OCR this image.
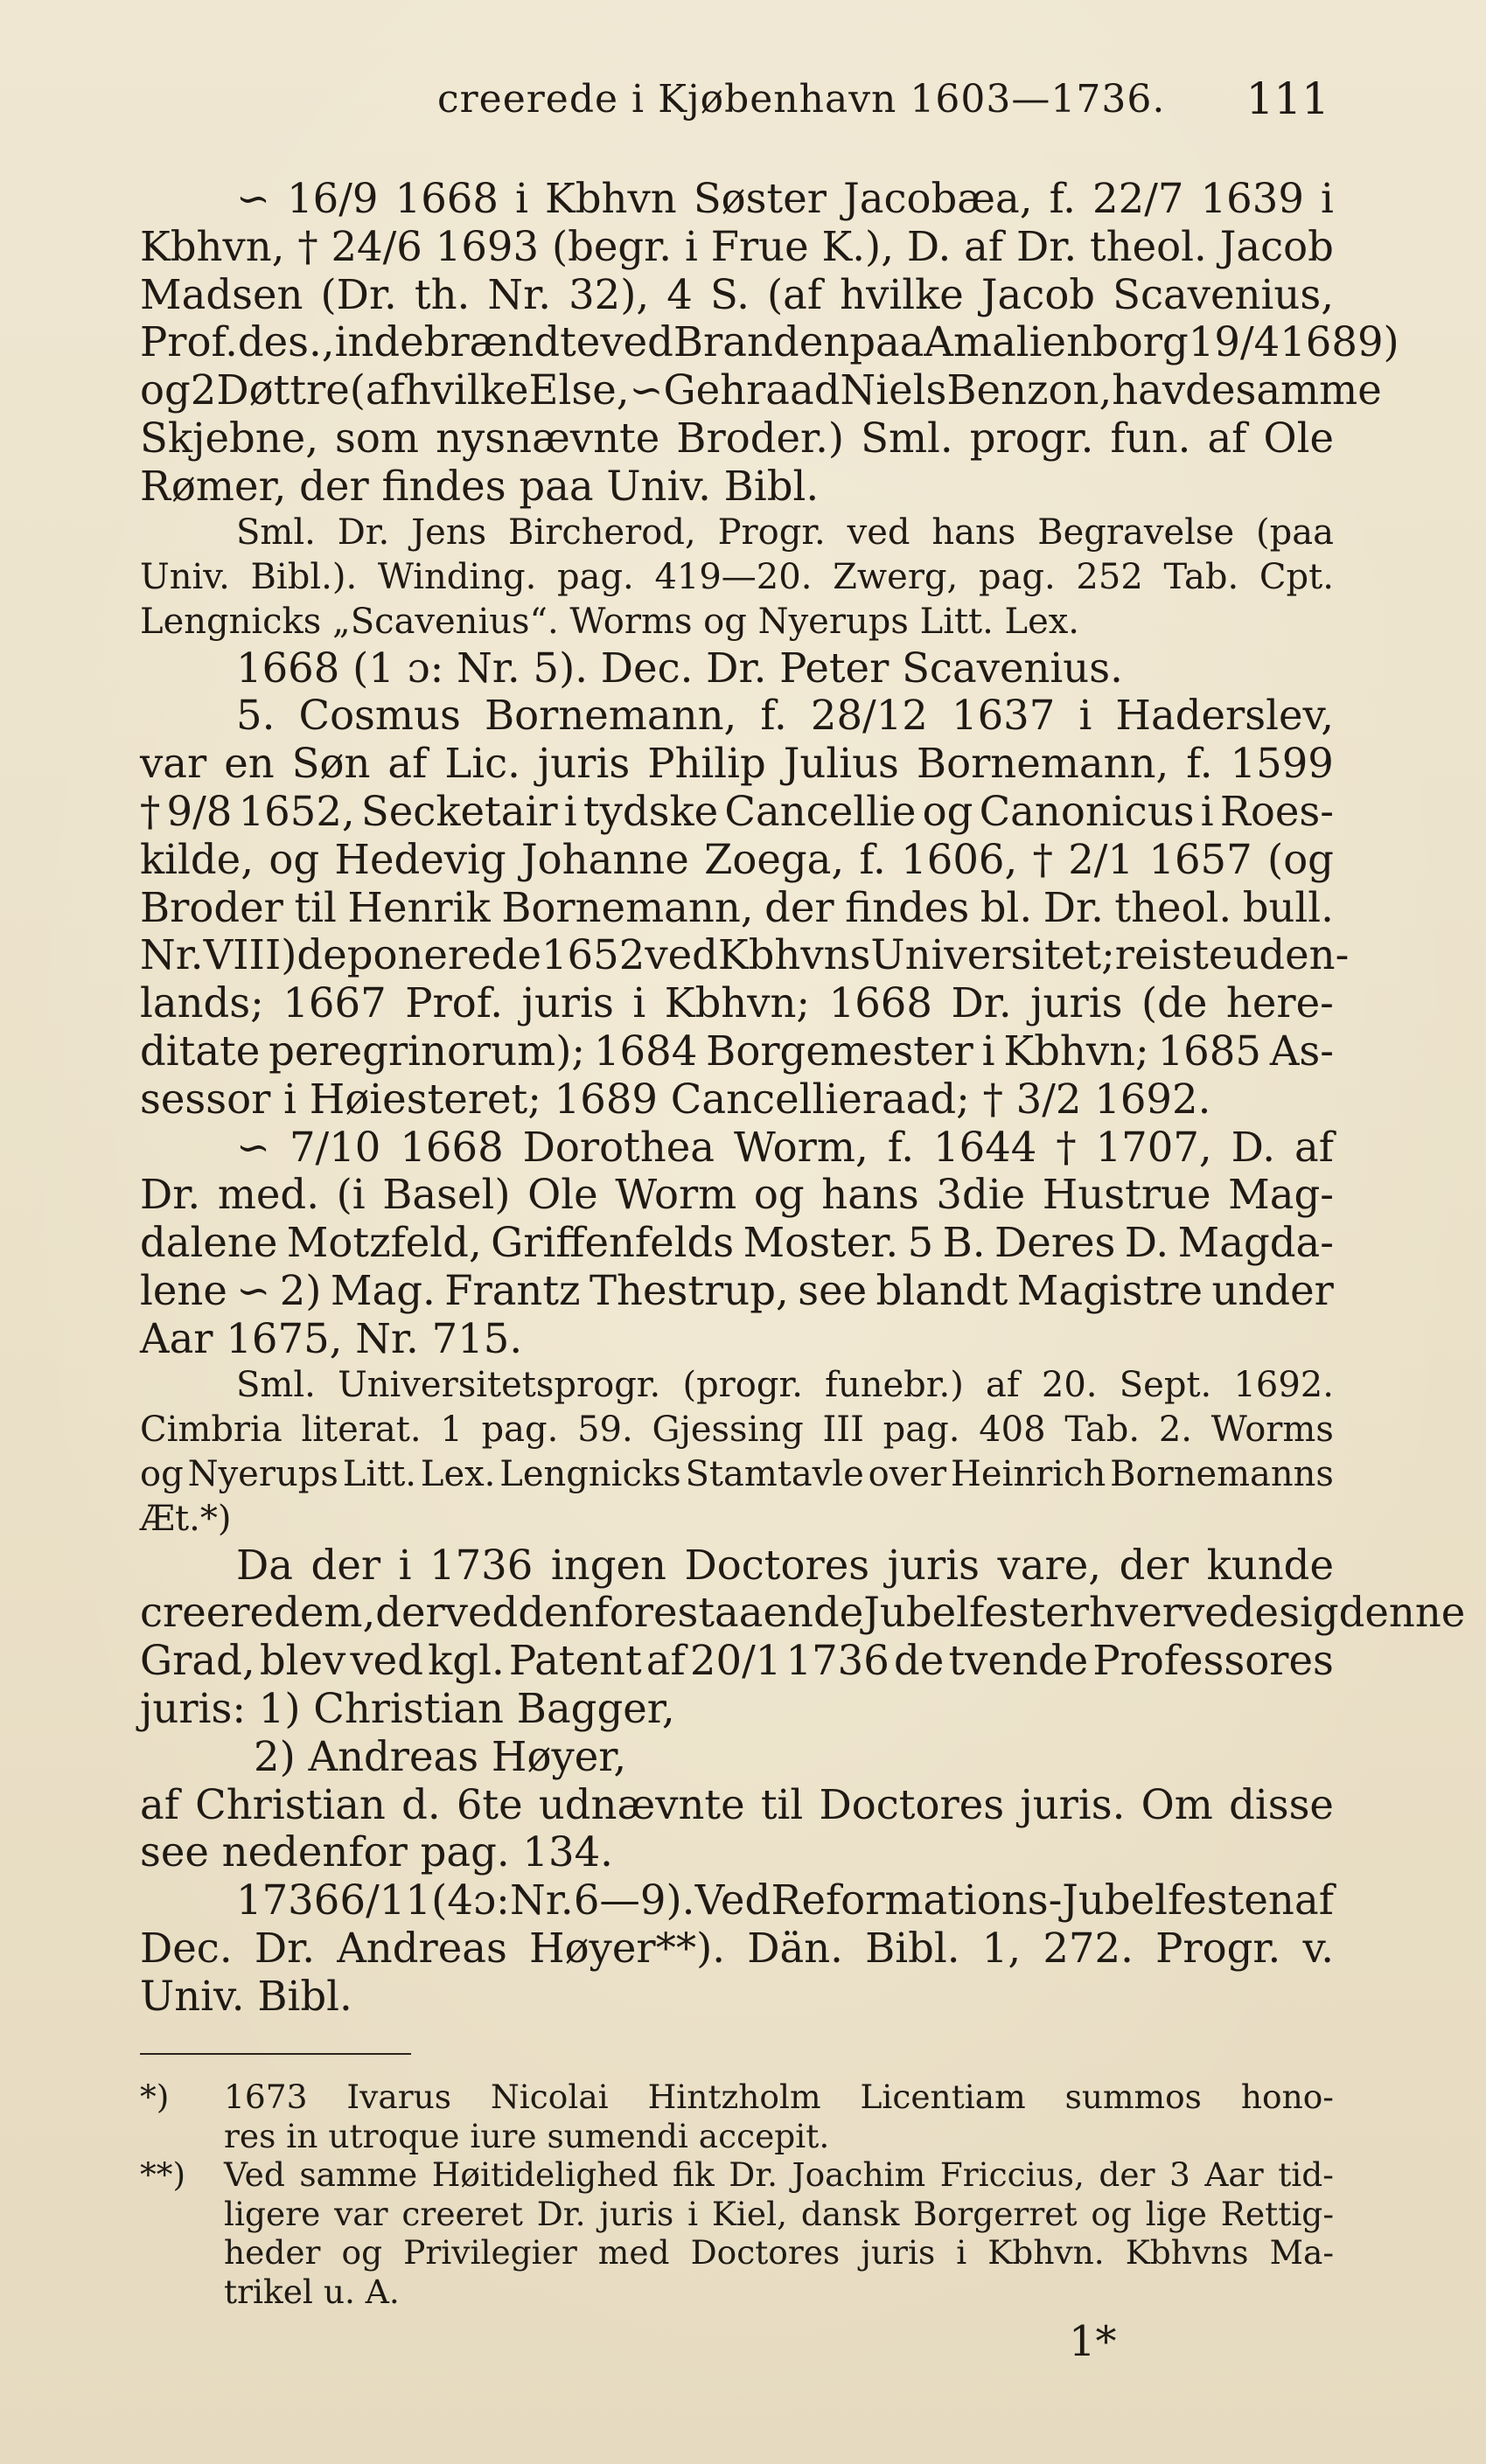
creerede i Kjøbenhavn 1603—1736. 111
∽ 16/9 1668 i Kbhvn Søster Jacobæa, f. 22/7 1639 i
Kbhvn, † 24/6 1693 (begr. i Frue K.), D. af Dr. theol. Jacob
Madsen (Dr. th. Nr. 32), 4 S. (af hvilke Jacob Scavenius,
Prof. des., indebrændte ved Branden paa Amalienborg 19/4 1689)
og 2 Døttre (af hvilke Else, ∽ Gehraad Niels Benzon, havde samme
Skjebne, som nysnævnte Broder.) Sml. progr. fun. af Ole
Rømer, der findes paa Univ. Bibl.
Sml. Dr. Jens Bircherod, Progr. ved hans Begravelse (paa
Univ. Bibl.). Winding. pag. 419—20. Zwerg, pag. 252 Tab. Cpt.
Lengnicks „Scavenius“. Worms og Nyerups Litt. Lex.
1668 (1 ɔ: Nr. 5). Dec. Dr. Peter Scavenius.
5. Cosmus Bornemann, f. 28/12 1637 i Haderslev,
var en Søn af Lic. juris Philip Julius Bornemann, f. 1599
† 9/8 1652, Secketair i tydske Cancellie og Canonicus i Roes-
kilde, og Hedevig Johanne Zoega, f. 1606, † 2/1 1657 (og
Broder til Henrik Bornemann, der findes bl. Dr. theol. bull.
Nr. VIII) deponerede 1652 ved Kbhvns Universitet; reiste uden-
lands; 1667 Prof. juris i Kbhvn; 1668 Dr. juris (de here-
ditate peregrinorum); 1684 Borgemester i Kbhvn; 1685 As-
sessor i Høiesteret; 1689 Cancellieraad; † 3/2 1692.
∽ 7/10 1668 Dorothea Worm, f. 1644 † 1707, D. af
Dr. med. (i Basel) Ole Worm og hans 3die Hustrue Mag-
dalene Motzfeld, Griffenfelds Moster. 5 B. Deres D. Magda-
lene ∽ 2) Mag. Frantz Thestrup, see blandt Magistre under
Aar 1675, Nr. 715.
Sml. Universitetsprogr. (progr. funebr.) af 20. Sept. 1692.
Cimbria literat. 1 pag. 59. Gjessing III pag. 408 Tab. 2. Worms
og Nyerups Litt. Lex. Lengnicks Stamtavle over Heinrich Bornemanns
Æt.*)
Da der i 1736 ingen Doctores juris vare, der kunde
creere dem, der ved den forestaaende Jubelfest erhvervede sig denne
Grad, blev ved kgl. Patent af 20/1 1736 de tvende Professores
juris: 1) Christian Bagger,
2) Andreas Høyer,
af Christian d. 6te udnævnte til Doctores juris. Om disse
see nedenfor pag. 134.
1736 6/11 (4 ɔ: Nr. 6—9). Ved Reformations-Jubelfesten af
Dec. Dr. Andreas Høyer**). Dän. Bibl. 1, 272. Progr. v.
Univ. Bibl.
*)	1673 Ivarus Nicolai Hintzholm Licentiam summos hono-
res in utroque iure sumendi accepit.
**)	Ved samme Høitidelighed fik Dr. Joachim Friccius, der 3 Aar tid-
ligere var creeret Dr. juris i Kiel, dansk Borgerret og lige Rettig-
heder og Privilegier med Doctores juris i Kbhvn. Kbhvns Ma-
trikel u. A.
1*
